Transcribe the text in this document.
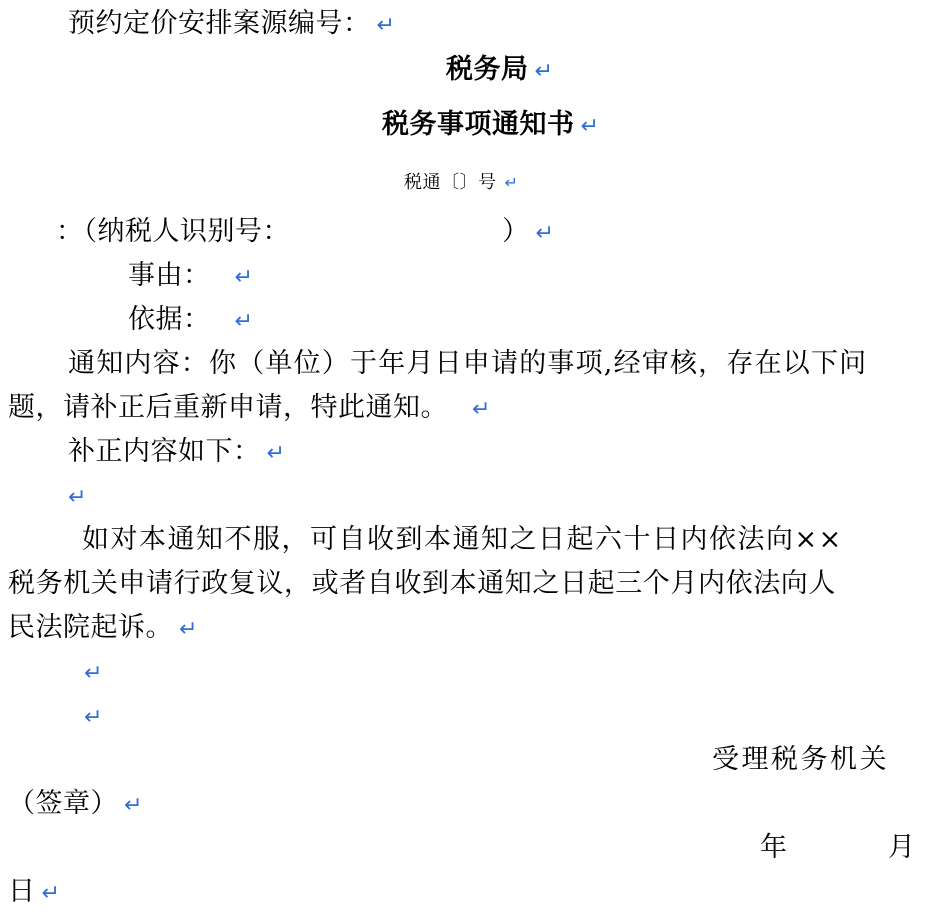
预约定价安排案源编号： ↵
税务局 ↵
税务事项通知书 ↵
税通〔〕号 ↵
：（纳税人识别号：	） ↵
事由： ↵
依据： ↵
通知内容：你（单位）于年月日申请的事项,经审核，存在以下问
题，请补正后重新申请，特此通知。 ↵
补正内容如下： ↵
↵
如对本通知不服，可自收到本通知之日起六十日内依法向××
税务机关申请行政复议，或者自收到本通知之日起三个月内依法向人
民法院起诉。 ↵
↵
↵
受理税务机关
（签章） ↵
年	月
日 ↵
